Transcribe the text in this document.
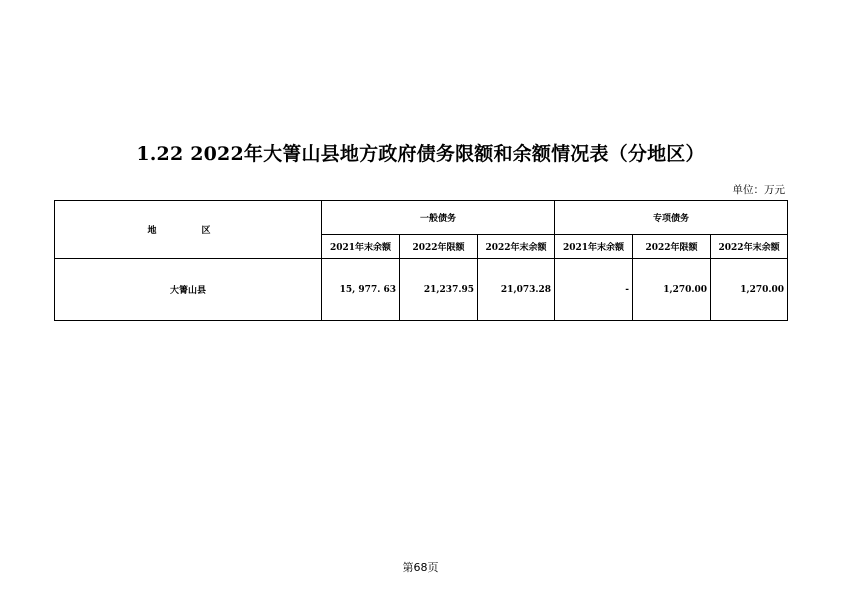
1.22 2022年大箐山县地方政府债务限额和余额情况表（分地区）
单位：万元
地　区	一般债务			专项债务		
	2021年末余额	2022年限额	2022年末余额	2021年末余额	2022年限额	2022年末余额
大箐山县	15, 977. 63	21,237.95	21,073.28	-	1,270.00	1,270.00
第68页
